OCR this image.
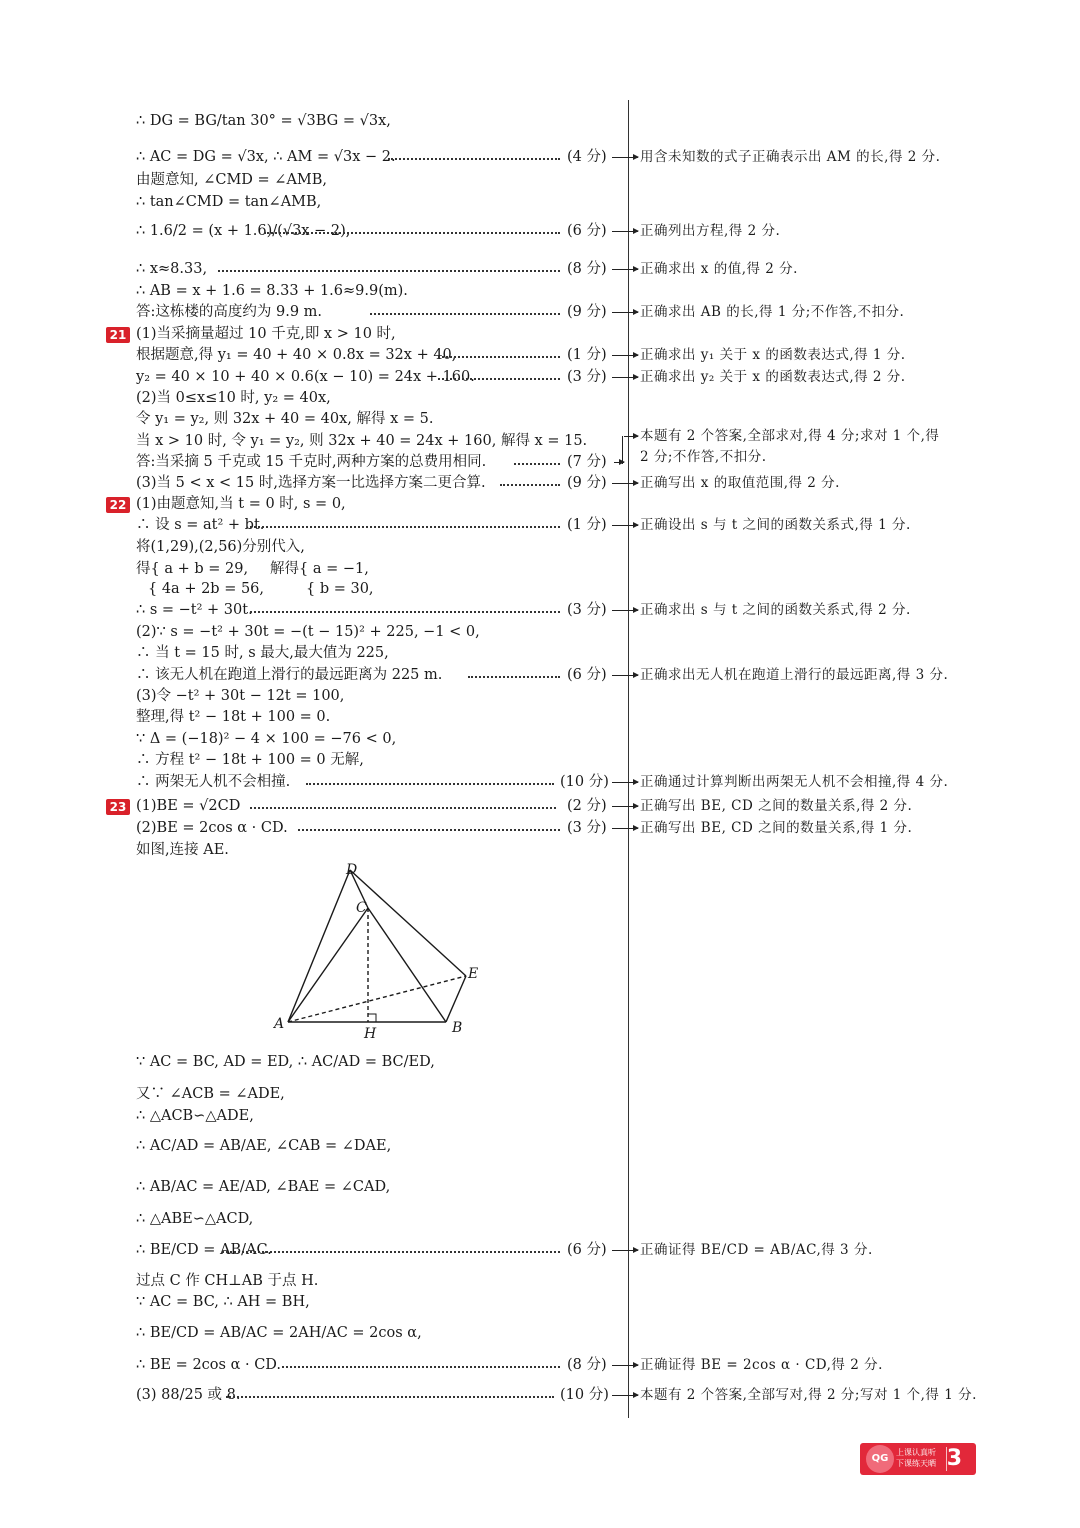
∴ DG = BG/tan 30° = √3BG = √3x,
∴ AC = DG = √3x, ∴ AM = √3x − 2.	(4 分) 用含未知数的式子正确表示出 AM 的长,得 2 分.
由题意知, ∠CMD = ∠AMB,
∴ tan∠CMD = tan∠AMB,
∴ 1.6/2 = (x + 1.6)/(√3x − 2),	(6 分) 正确列出方程,得 2 分.
∴ x≈8.33,	(8 分) 正确求出 x 的值,得 2 分.
∴ AB = x + 1.6 = 8.33 + 1.6≈9.9(m).
答:这栋楼的高度约为 9.9 m.	(9 分) 正确求出 AB 的长,得 1 分;不作答,不扣分.
21 (1)当采摘量超过 10 千克,即 x > 10 时,
根据题意,得 y₁ = 40 + 40 × 0.8x = 32x + 40,	(1 分) 正确求出 y₁ 关于 x 的函数表达式,得 1 分.
y₂ = 40 × 10 + 40 × 0.6(x − 10) = 24x + 160.	(3 分) 正确求出 y₂ 关于 x 的函数表达式,得 2 分.
(2)当 0≤x≤10 时, y₂ = 40x,
令 y₁ = y₂, 则 32x + 40 = 40x, 解得 x = 5.
当 x > 10 时, 令 y₁ = y₂, 则 32x + 40 = 24x + 160, 解得 x = 15.
答:当采摘 5 千克或 15 千克时,两种方案的总费用相同.	(7 分)
本题有 2 个答案,全部求对,得 4 分;求对 1 个,得
2 分;不作答,不扣分.
(3)当 5 < x < 15 时,选择方案一比选择方案二更合算.	(9 分) 正确写出 x 的取值范围,得 2 分.
22 (1)由题意知,当 t = 0 时, s = 0,
∴ 设 s = at² + bt.	(1 分) 正确设出 s 与 t 之间的函数关系式,得 1 分.
将(1,29),(2,56)分别代入,
得{ a + b = 29,
{ 4a + 2b = 56,
解得{ a = −1,
{ b = 30,
∴ s = −t² + 30t.	(3 分) 正确求出 s 与 t 之间的函数关系式,得 2 分.
(2)∵ s = −t² + 30t = −(t − 15)² + 225, −1 < 0,
∴ 当 t = 15 时, s 最大,最大值为 225,
∴ 该无人机在跑道上滑行的最远距离为 225 m.	(6 分) 正确求出无人机在跑道上滑行的最远距离,得 3 分.
(3)令 −t² + 30t − 12t = 100,
整理,得 t² − 18t + 100 = 0.
∵ Δ = (−18)² − 4 × 100 = −76 < 0,
∴ 方程 t² − 18t + 100 = 0 无解,
∴ 两架无人机不会相撞.	(10 分) 正确通过计算判断出两架无人机不会相撞,得 4 分.
23 (1)BE = √2CD	(2 分) 正确写出 BE, CD 之间的数量关系,得 2 分.
(2)BE = 2cos α · CD.	(3 分) 正确写出 BE, CD 之间的数量关系,得 1 分.
如图,连接 AE.
A	B
C
D
E
H
∵ AC = BC, AD = ED, ∴ AC/AD = BC/ED,
又∵ ∠ACB = ∠ADE,
∴ △ACB∽△ADE,
∴ AC/AD = AB/AE, ∠CAB = ∠DAE,
∴ AB/AC = AE/AD, ∠BAE = ∠CAD,
∴ △ABE∽△ACD,
∴ BE/CD = AB/AC.	(6 分) 正确证得 BE/CD = AB/AC,得 3 分.
过点 C 作 CH⊥AB 于点 H.
∵ AC = BC, ∴ AH = BH,
∴ BE/CD = AB/AC = 2AH/AC = 2cos α,
∴ BE = 2cos α · CD.	(8 分) 正确证得 BE = 2cos α · CD,得 2 分.
(3) 88/25 或 8.	(10 分) 本题有 2 个答案,全部写对,得 2 分;写对 1 个,得 1 分.
QG
上课认真听
下课练天晒 3
